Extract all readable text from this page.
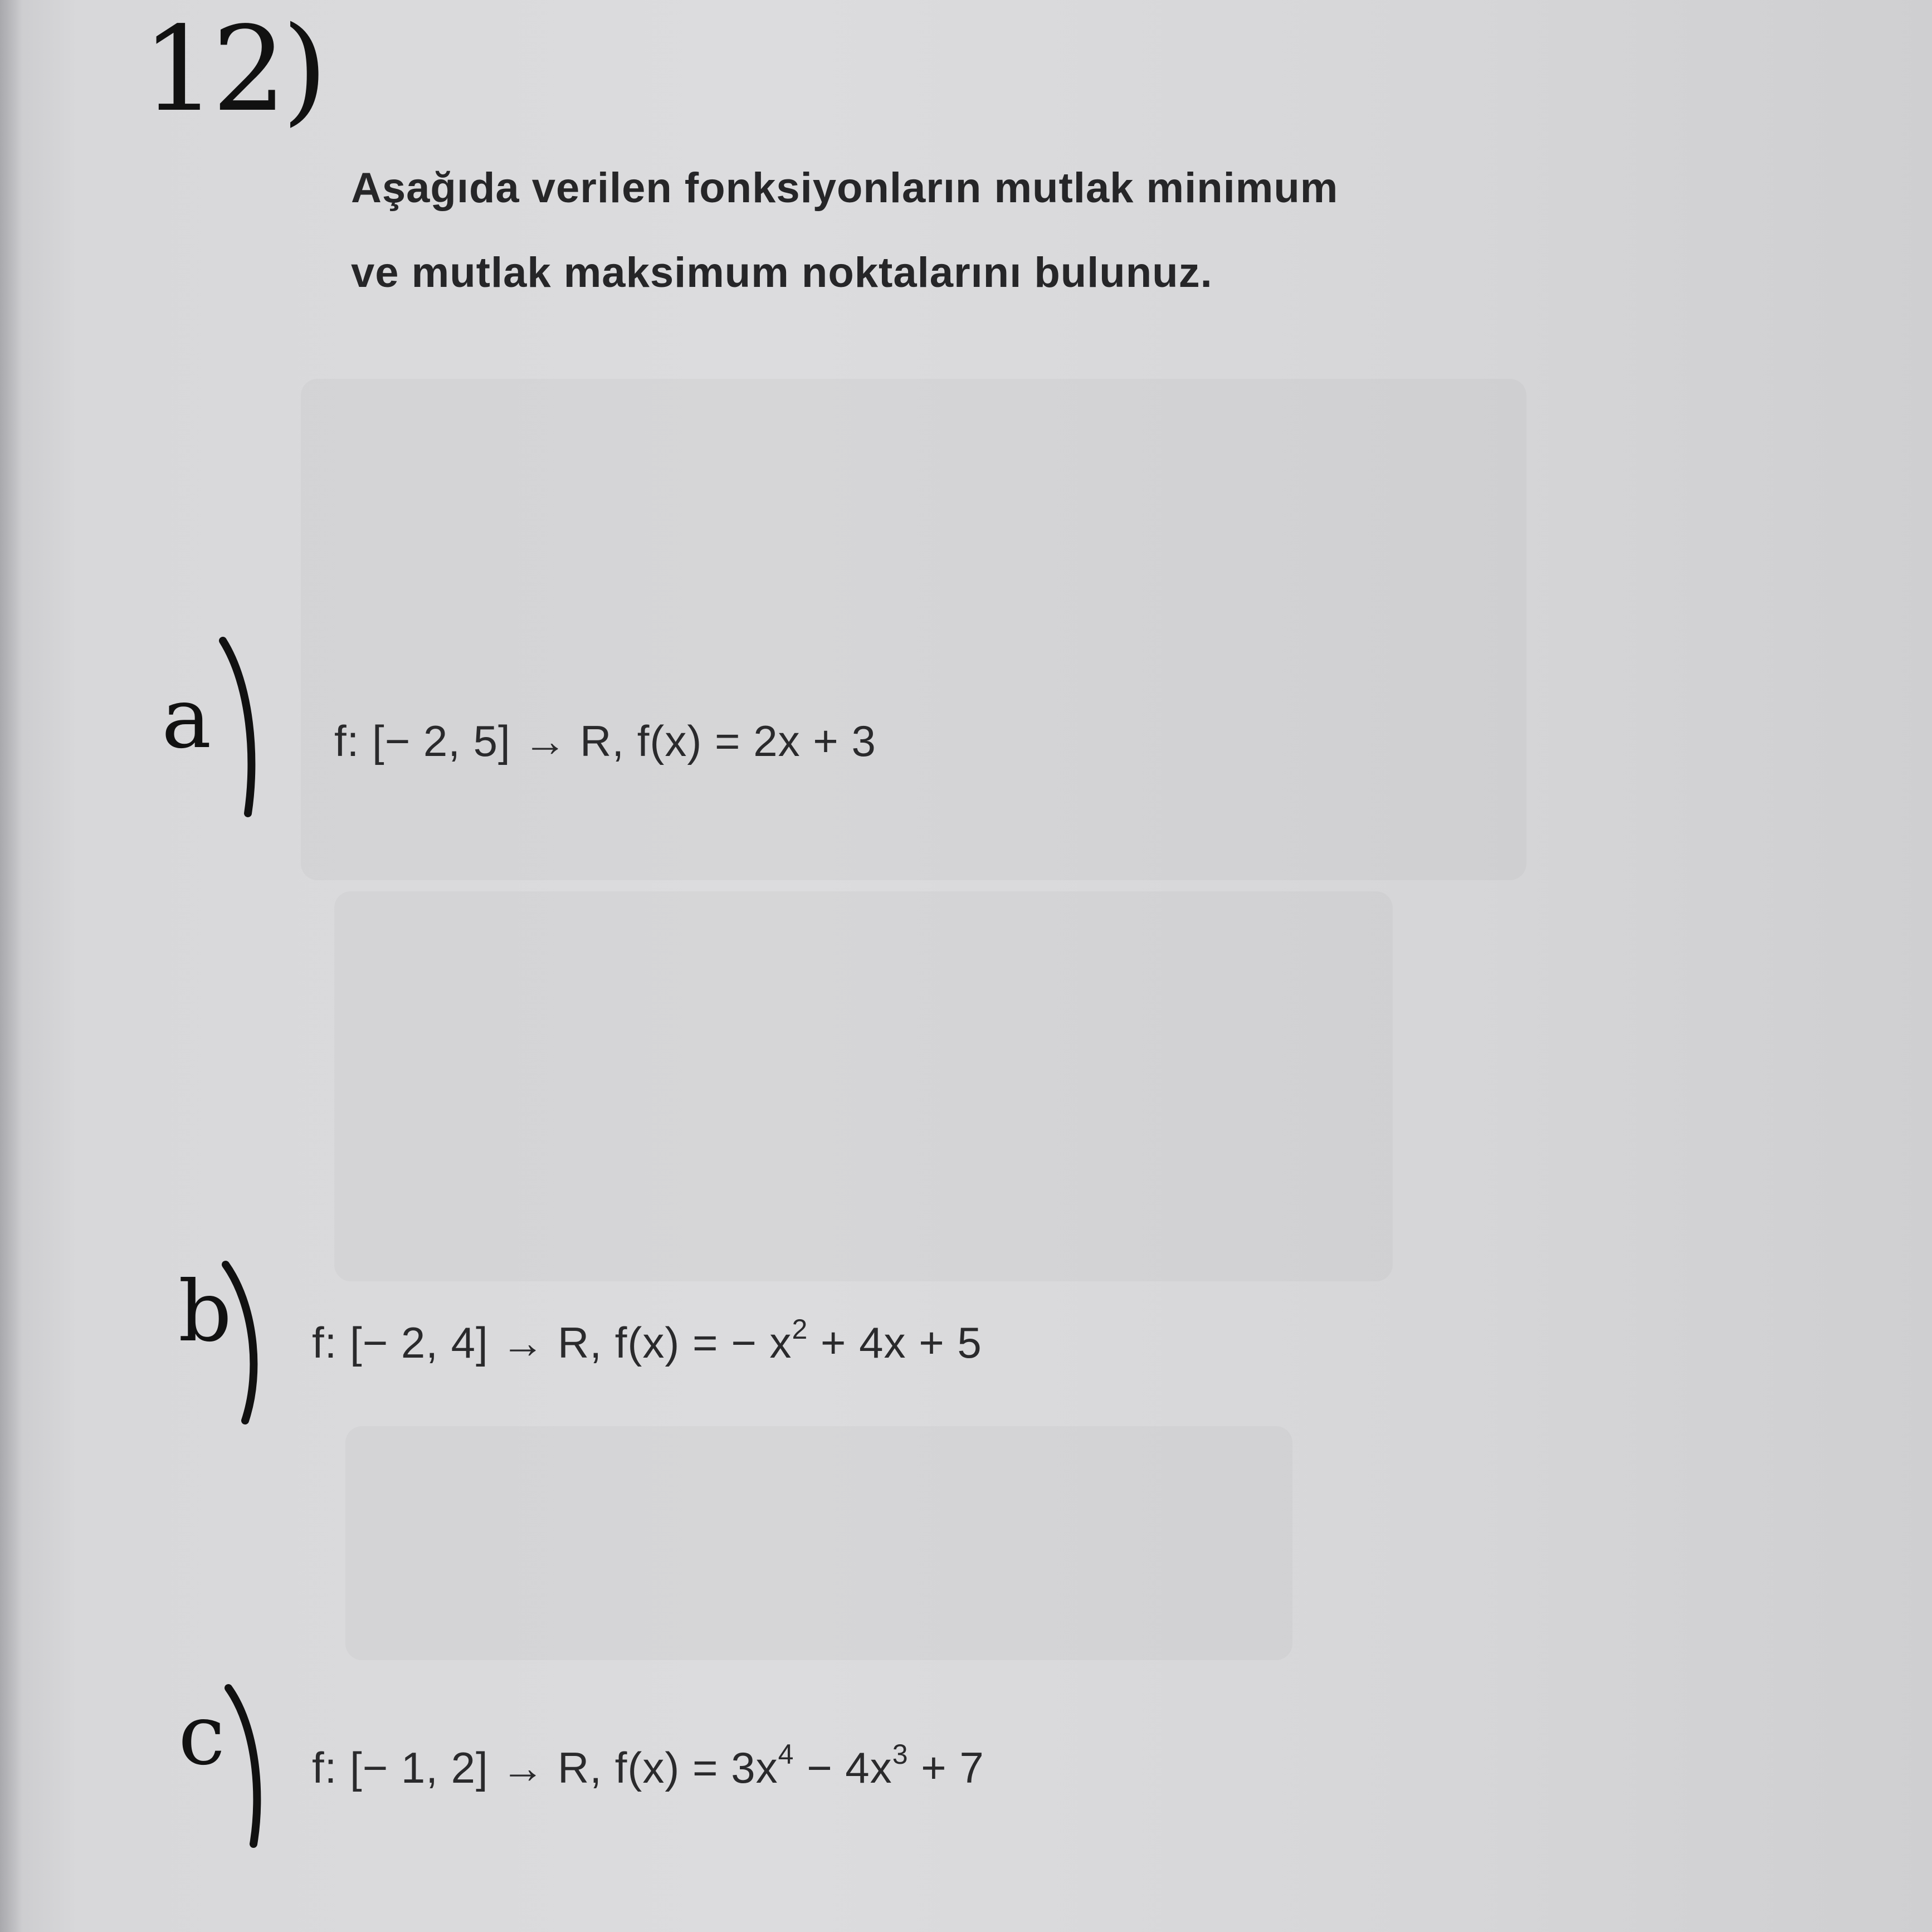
12)
a
b
c
Aşağıda verilen fonksiyonların mutlak minimum
ve mutlak maksimum noktalarını bulunuz.
f: [− 2, 5] → R, f(x) = 2x + 3
f: [− 2, 4] → R, f(x) = − $x^2 + 4x + 5$
f: [− 1, 2] → R, $f(x) = 3x^4 - 4x^3 + 7$
